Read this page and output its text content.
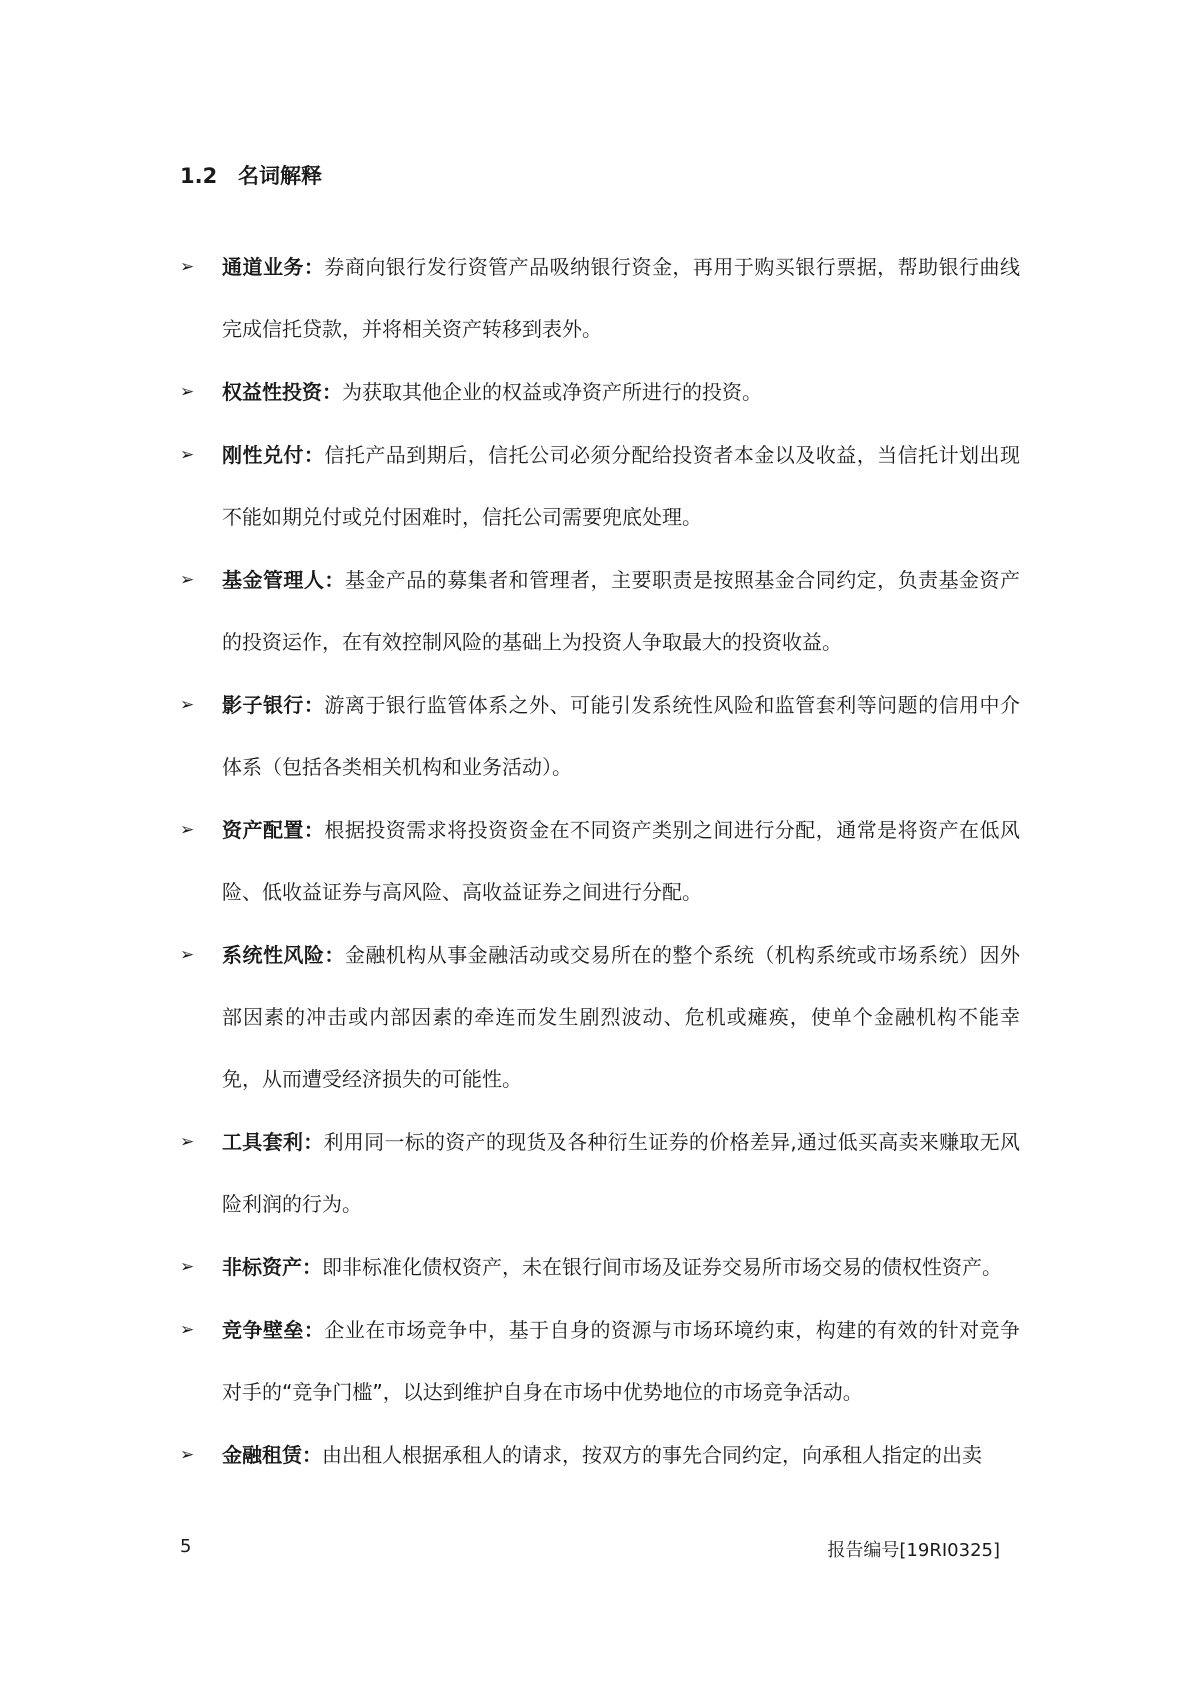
1.2 名词解释
➢ 通道业务：券商向银行发行资管产品吸纳银行资金，再用于购买银行票据，帮助银行曲线完成信托贷款，并将相关资产转移到表外。
➢ 权益性投资：为获取其他企业的权益或净资产所进行的投资。
➢ 刚性兑付：信托产品到期后，信托公司必须分配给投资者本金以及收益，当信托计划出现不能如期兑付或兑付困难时，信托公司需要兜底处理。
➢ 基金管理人：基金产品的募集者和管理者，主要职责是按照基金合同约定，负责基金资产的投资运作，在有效控制风险的基础上为投资人争取最大的投资收益。
➢ 影子银行：游离于银行监管体系之外、可能引发系统性风险和监管套利等问题的信用中介体系（包括各类相关机构和业务活动）。
➢ 资产配置：根据投资需求将投资资金在不同资产类别之间进行分配，通常是将资产在低风险、低收益证券与高风险、高收益证券之间进行分配。
➢ 系统性风险：金融机构从事金融活动或交易所在的整个系统（机构系统或市场系统）因外部因素的冲击或内部因素的牵连而发生剧烈波动、危机或瘫痪，使单个金融机构不能幸免，从而遭受经济损失的可能性。
➢ 工具套利：利用同一标的资产的现货及各种衍生证券的价格差异,通过低买高卖来赚取无风险利润的行为。
➢ 非标资产：即非标准化债权资产，未在银行间市场及证券交易所市场交易的债权性资产。
➢ 竞争壁垒：企业在市场竞争中，基于自身的资源与市场环境约束，构建的有效的针对竞争对手的“竞争门槛”，以达到维护自身在市场中优势地位的市场竞争活动。
➢ 金融租赁：由出租人根据承租人的请求，按双方的事先合同约定，向承租人指定的出卖
5	报告编号[19RI0325]
